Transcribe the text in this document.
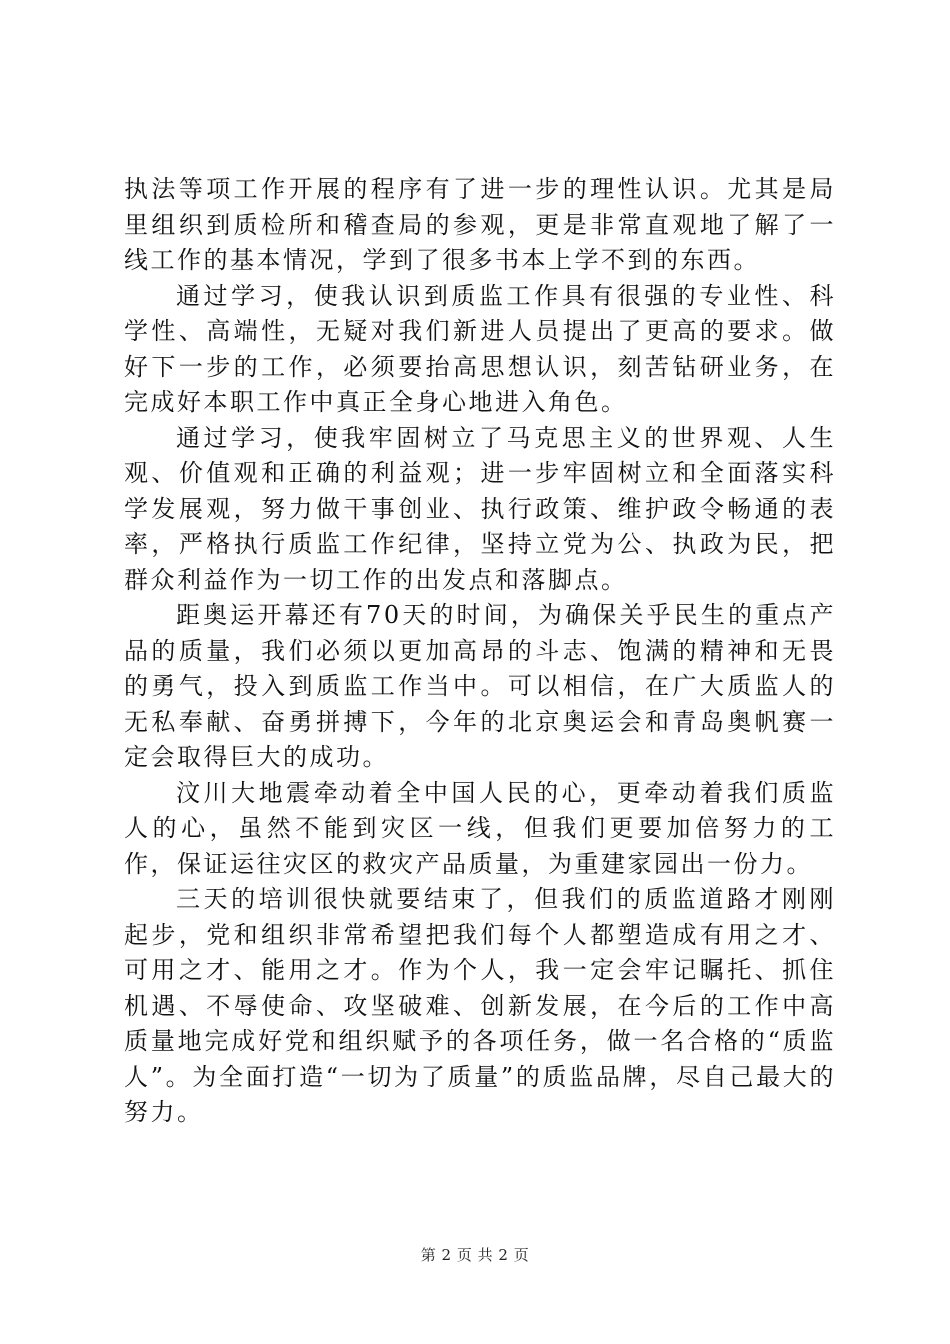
执法等项工作开展的程序有了进一步的理性认识。尤其是局里组织到质检所和稽查局的参观，更是非常直观地了解了一线工作的基本情况，学到了很多书本上学不到的东西。

通过学习，使我认识到质监工作具有很强的专业性、科学性、高端性，无疑对我们新进人员提出了更高的要求。做好下一步的工作，必须要抬高思想认识，刻苦钻研业务，在完成好本职工作中真正全身心地进入角色。

通过学习，使我牢固树立了马克思主义的世界观、人生观、价值观和正确的利益观；进一步牢固树立和全面落实科学发展观，努力做干事创业、执行政策、维护政令畅通的表率，严格执行质监工作纪律，坚持立党为公、执政为民，把群众利益作为一切工作的出发点和落脚点。

距奥运开幕还有70天的时间，为确保关乎民生的重点产品的质量，我们必须以更加高昂的斗志、饱满的精神和无畏的勇气，投入到质监工作当中。可以相信，在广大质监人的无私奉献、奋勇拼搏下，今年的北京奥运会和青岛奥帆赛一定会取得巨大的成功。

汶川大地震牵动着全中国人民的心，更牵动着我们质监人的心，虽然不能到灾区一线，但我们更要加倍努力的工作，保证运往灾区的救灾产品质量，为重建家园出一份力。

三天的培训很快就要结束了，但我们的质监道路才刚刚起步，党和组织非常希望把我们每个人都塑造成有用之才、可用之才、能用之才。作为个人，我一定会牢记瞩托、抓住机遇、不辱使命、攻坚破难、创新发展，在今后的工作中高质量地完成好党和组织赋予的各项任务，做一名合格的“质监人”。为全面打造“一切为了质量”的质监品牌，尽自己最大的努力。

第 2 页 共 2 页
